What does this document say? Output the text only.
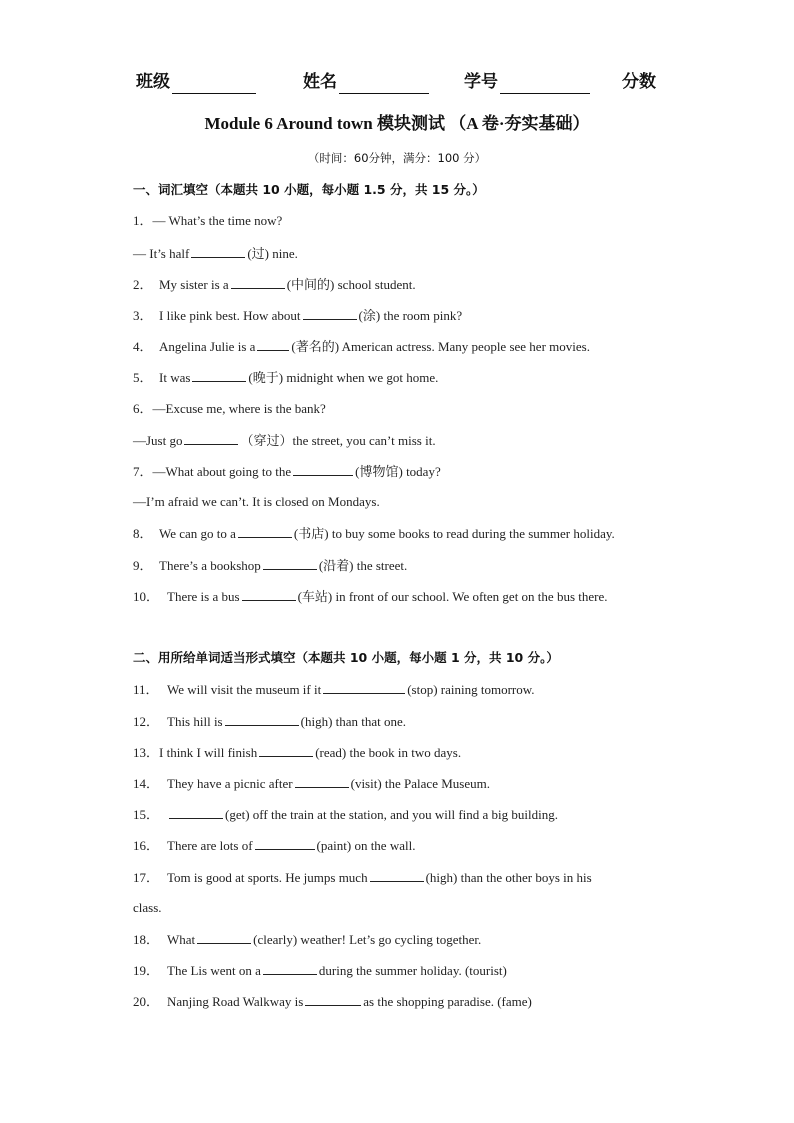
班级	姓名	学号	分数
Module 6 Around town 模块测试 （A 卷·夯实基础）
（时间：60分钟，满分：100 分）
一、词汇填空（本题共 10 小题，每小题 1.5 分，共 15 分。）
1．— What’s the time now?
— It’s half	(过) nine.
2． My sister is a	(中间的) school student.
3． I like pink best. How about	(涂) the room pink?
4． Angelina Julie is a	(著名的) American actress. Many people see her movies.
5． It was	(晚于) midnight when we got home.
6．—Excuse me, where is the bank?
—Just go	（穿过）the street, you can’t miss it.
7．—What about going to the	(博物馆) today?
—I’m afraid we can’t. It is closed on Mondays.
8． We can go to a	(书店) to buy some books to read during the summer holiday.
9． There’s a bookshop	(沿着) the street.
10． There is a bus	(车站) in front of our school. We often get on the bus there.
二、用所给单词适当形式填空（本题共 10 小题，每小题 1 分，共 10 分。）
11． We will visit the museum if it	(stop) raining tomorrow.
12． This hill is	(high) than that one.
13．I think I will finish	(read) the book in two days.
14． They have a picnic after	(visit) the Palace Museum.
15．	(get) off the train at the station, and you will find a big building.
16． There are lots of	(paint) on the wall.
17． Tom is good at sports. He jumps much	(high) than the other boys in his
class.
18． What	(clearly) weather! Let’s go cycling together.
19． The Lis went on a	during the summer holiday. (tourist)
20． Nanjing Road Walkway is	as the shopping paradise. (fame)
